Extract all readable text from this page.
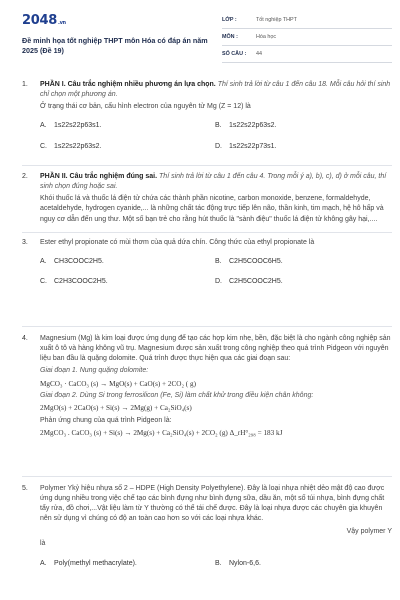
2048.vn
Đề minh họa tốt nghiệp THPT môn Hóa có đáp án năm 2025 (Đề 19)
LỚP :	Tốt nghiệp THPT
MÔN :	Hóa học
SỐ CÂU :	44
1.	PHẦN I. Câu trắc nghiệm nhiều phương án lựa chọn. Thí sinh trả lời từ câu 1 đến câu 18. Mỗi câu hỏi thí sinh chỉ chọn một phương án.

Ở trạng thái cơ bản, cấu hình electron của nguyên tử Mg (Z = 12) là

A.	1s22s22p63s1.	B.	1s22s22p63s2.
C.	1s22s22p63s2.	D.	1s22s22p73s1.
2.	PHẦN II. Câu trắc nghiệm đúng sai. Thí sinh trả lời từ câu 1 đến câu 4. Trong mỗi ý a), b), c), d) ở mỗi câu, thí sinh chọn đúng hoặc sai.

Khói thuốc lá và thuốc lá điện tử chứa các thành phần nicotine, carbon monoxide, benzene, formaldehyde, acetaldehyde, hydrogen cyanide,... là những chất tác động trực tiếp lên não, thần kinh, tim mạch, hệ hô hấp và nguy cơ dẫn đến ung thư. Một số bạn trẻ cho rằng hút thuốc là "sành điệu" thuốc lá điện tử không gây hại,....

3.	Ester ethyl propionate có mùi thơm của quả dứa chín. Công thức của ethyl propionate là

A.	CH3COOC2H5.	B.	C2H5COOC6H5.
C.	C2H3COOC2H5.	D.	C2H5COOC2H5.
4.	Magnesium (Mg) là kim loại được ứng dụng để tạo các hợp kim nhẹ, bền, đặc biệt là cho ngành công nghiệp sản xuất ô tô và hàng không vũ trụ. Magnesium được sản xuất trong công nghiệp theo quá trình Pidgeon với nguyên liệu ban đầu là quặng dolomite. Quá trình được thực hiện qua các giai đoạn sau:

Giai đoạn 1. Nung quặng dolomite:

MgCO₃ · CaCO₃ (s) → MgO(s) + CaO(s) + 2CO₂ ( g)

Giai đoạn 2. Dùng Si trong ferrosilicon (Fe, Si) làm chất khử trong điều kiện chân không:

2MgO(s) + 2CaO(s) + Si(s) → 2Mg(g) + Ca₂SiO₄(s)

Phản ứng chung của quá trình Pidgeon là:

2MgCO₃ . CaCO₃ (s) + Si(s) → 2Mg(s) + Ca₂SiO₄(s) + 2CO₂ (g) Δ_rH°₂₉₈ = 183 kJ

5.	Polymer Ykỷ hiệu nhựa số 2 – HDPE (High Density Polyethylene). Đây là loại nhựa nhiệt dẻo mật độ cao được ứng dụng nhiều trong việc chế tạo các bình đựng như bình đựng sữa, dầu ăn, một số túi nhựa, bình đựng chất tẩy rửa, đồ chơi,...Vật liệu làm từ Y thường có thể tái chế được. Đây là loại nhựa được các chuyên gia khuyên nên sử dụng vì chúng có độ an toàn cao hơn so với các loại nhựa khác.

Vậy polymer Y

là

A.	Poly(methyl methacrylate).	B.	Nylon-6,6.
